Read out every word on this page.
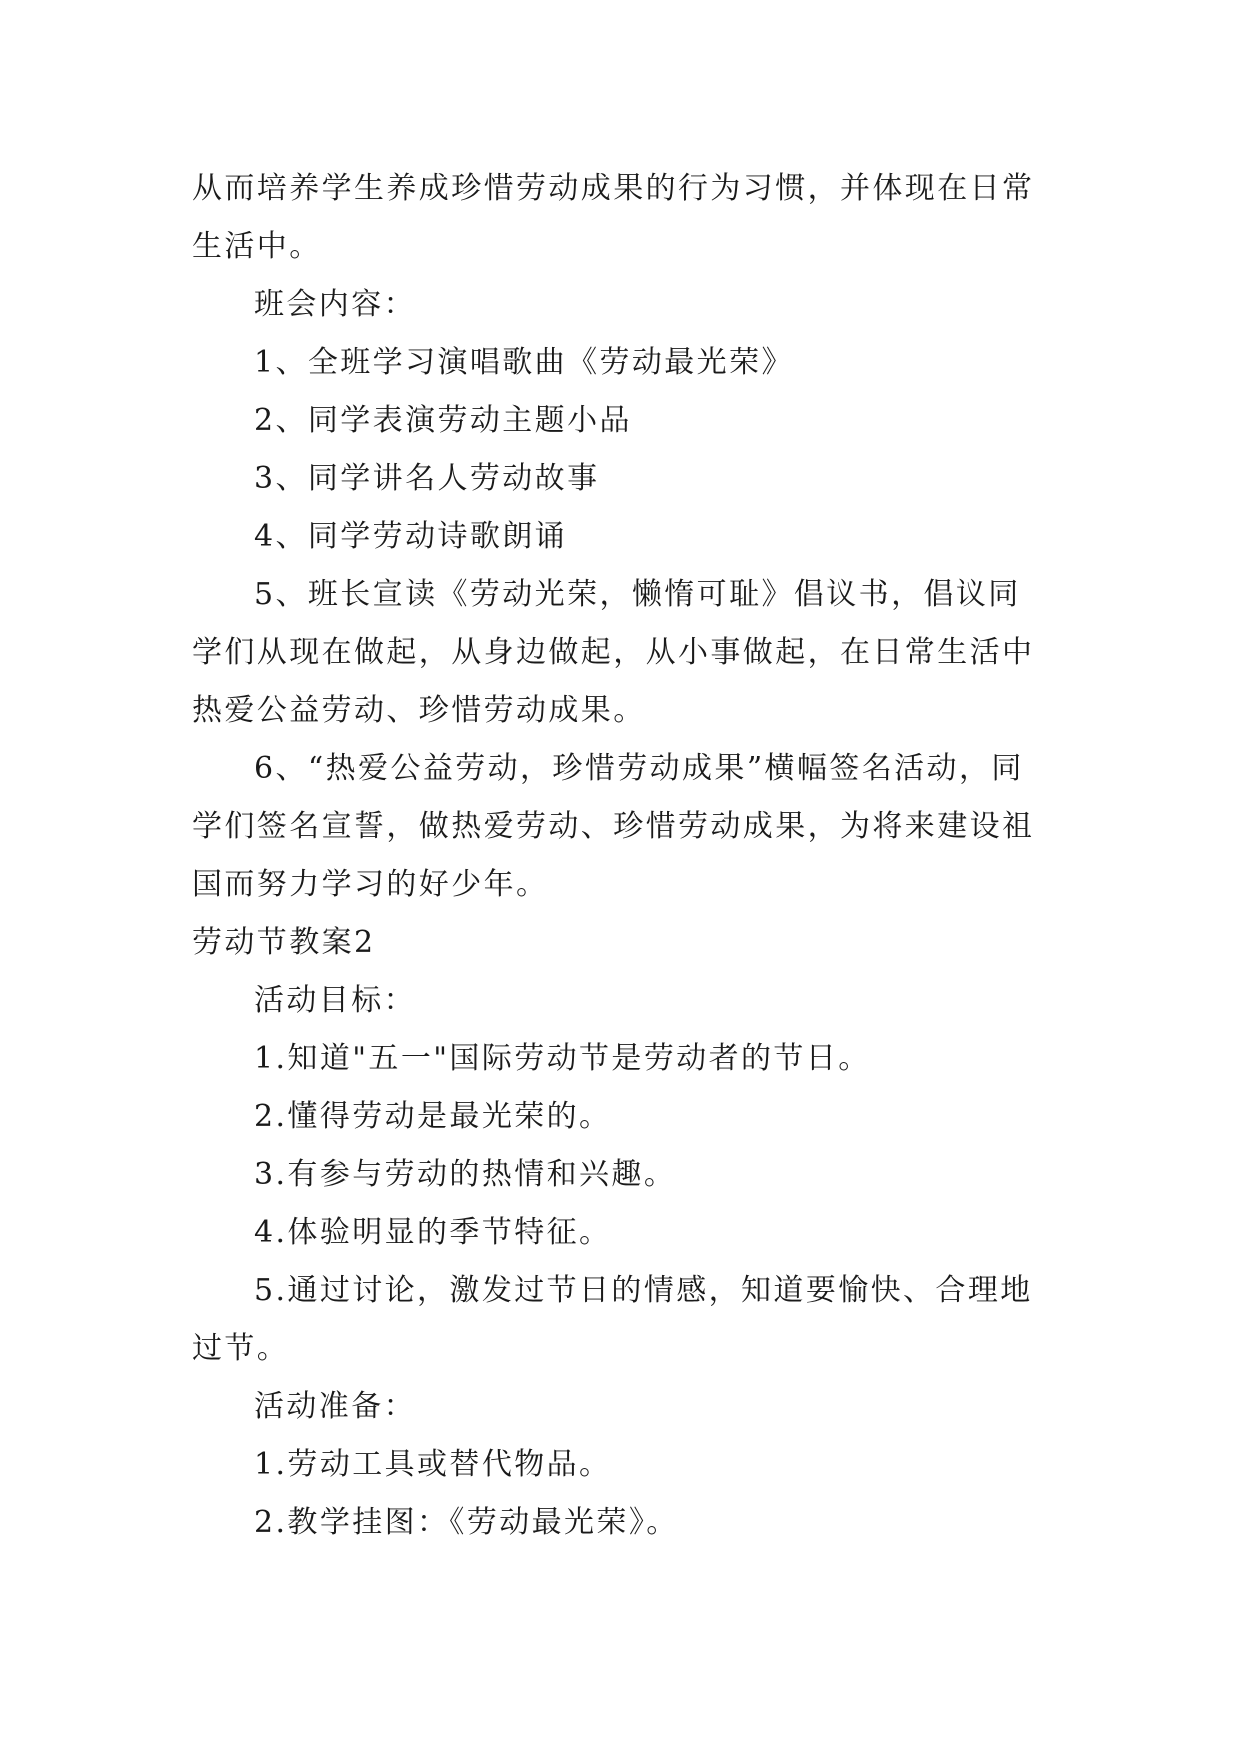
从而培养学生养成珍惜劳动成果的行为习惯，并体现在日常

生活中。

班会内容：

1、全班学习演唱歌曲《劳动最光荣》

2、同学表演劳动主题小品

3、同学讲名人劳动故事

4、同学劳动诗歌朗诵

5、班长宣读《劳动光荣，懒惰可耻》倡议书，倡议同

学们从现在做起，从身边做起，从小事做起，在日常生活中

热爱公益劳动、珍惜劳动成果。

6、“热爱公益劳动，珍惜劳动成果”横幅签名活动，同

学们签名宣誓，做热爱劳动、珍惜劳动成果，为将来建设祖

国而努力学习的好少年。

劳动节教案2

活动目标：

1.知道"五一"国际劳动节是劳动者的节日。

2.懂得劳动是最光荣的。

3.有参与劳动的热情和兴趣。

4.体验明显的季节特征。

5.通过讨论，激发过节日的情感，知道要愉快、合理地

过节。

活动准备：

1.劳动工具或替代物品。

2.教学挂图：《劳动最光荣》。
